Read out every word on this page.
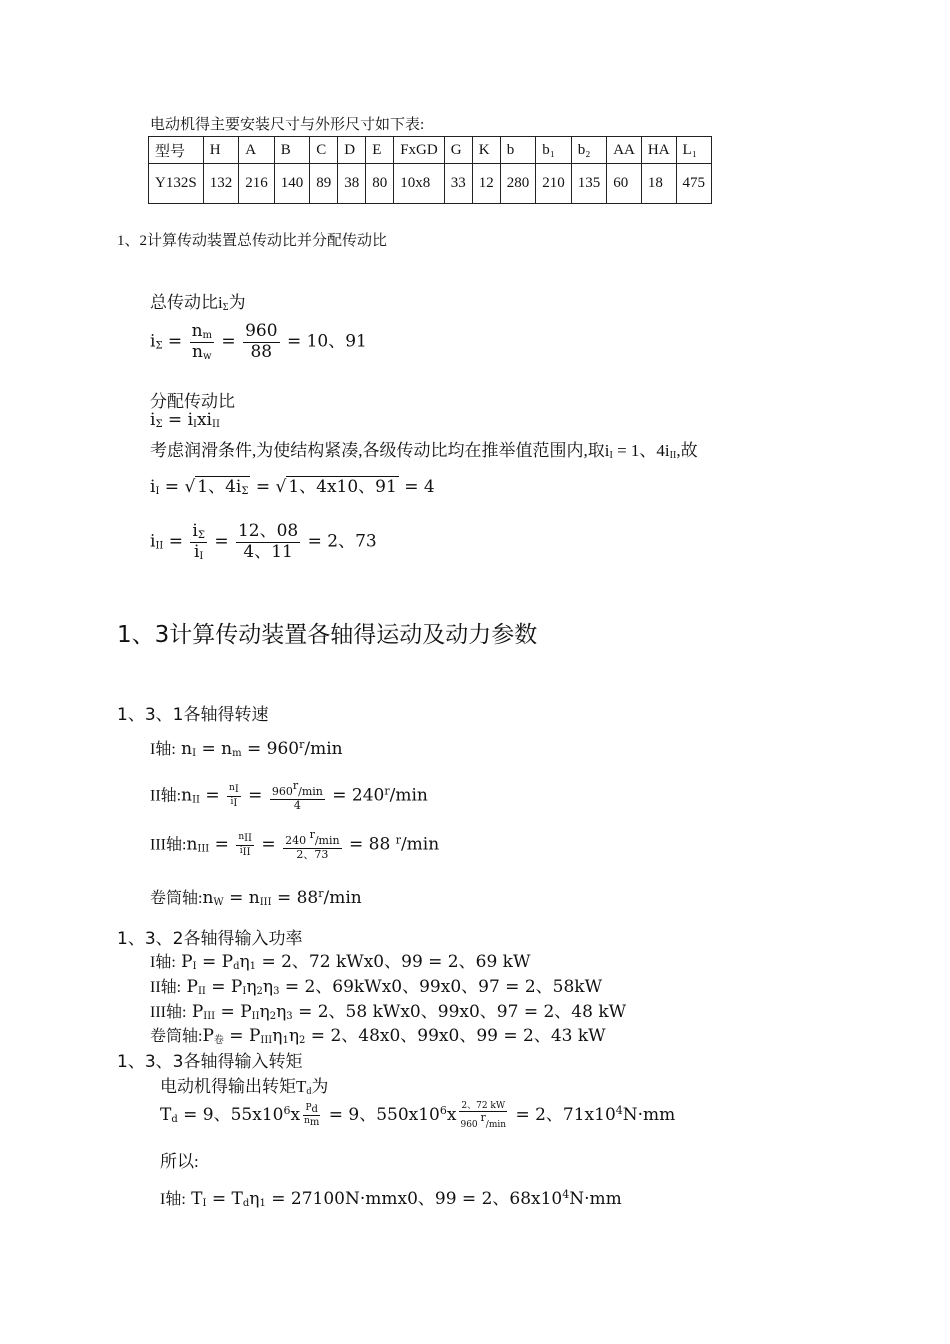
电动机得主要安装尺寸与外形尺寸如下表:
型号	H	A	B	C	D	E	FxGD	G	K	b	b₁	b₂	AA	HA	L₁
Y132S	132	216	140	89	38	80	10x8	33	12	280	210	135	60	18	475
1、2计算传动装置总传动比并分配传动比
总传动比$i_\Sigma$为
$i_\Sigma = \frac{n_m}{n_w} = \frac{960}{88} = 10$、91
分配传动比
$i_\Sigma = i_Ixi_{II}$
考虑润滑条件,为使结构紧凑,各级传动比均在推举值范围内,取$i_I = 1$、$4i_{II}$,故
$i_I$ = √ 1、$4i_\Sigma$ = √ 1、4x10、91 = 4
$i_{II} = \frac{i_\Sigma}{i_I} = \frac{12、08}{4、11} = 2$、73
1、3计算传动装置各轴得运动及动力参数
1、3、1各轴得转速
I轴: $n_I = n_m = 960^r/\min$
II轴$:n_{II} = \frac{n_I}{i_I} = \frac{960^r/\min}{4} = 240^r/\min$
III轴$:n_{III} = \frac{n_{II}}{i_{II}} = \frac{240 ^r/\min}{2、73} = 88$ $^r$/min
卷筒轴$:n_W = n_{III} = 88^r/\min$
1、3、2各轴得输入功率
I轴: $P_I = P_d\eta_1 = 2$、72 kWx0、99 = 2、69 kW
II轴: $P_{II} = P_I\eta_2\eta_3 = 2$、69kWx0、99x0、97 = 2、58kW
III轴: $P_{III} = P_{II}\eta_2\eta_3 = 2$、58 kWx0、99x0、97 = 2、48 kW
卷筒轴$:P_卷 = P_{III}\eta_1\eta_2 = 2$、48x0、99x0、99 = 2、43 kW
1、3、3各轴得输入转矩
电动机得输出转矩$T_d$为
$T_d = 9$、$55x10^6x \frac{P_d}{n_m} = 9$、$550x10^6x \frac{2、72 kW}{960 ^r/\min} = 2$、$71x10^4N\cdot mm$
所以:
I轴: $T_I = T_d\eta_1 = 27100N\cdot mmx0$、99 = 2、$68x10^4N\cdot mm$
